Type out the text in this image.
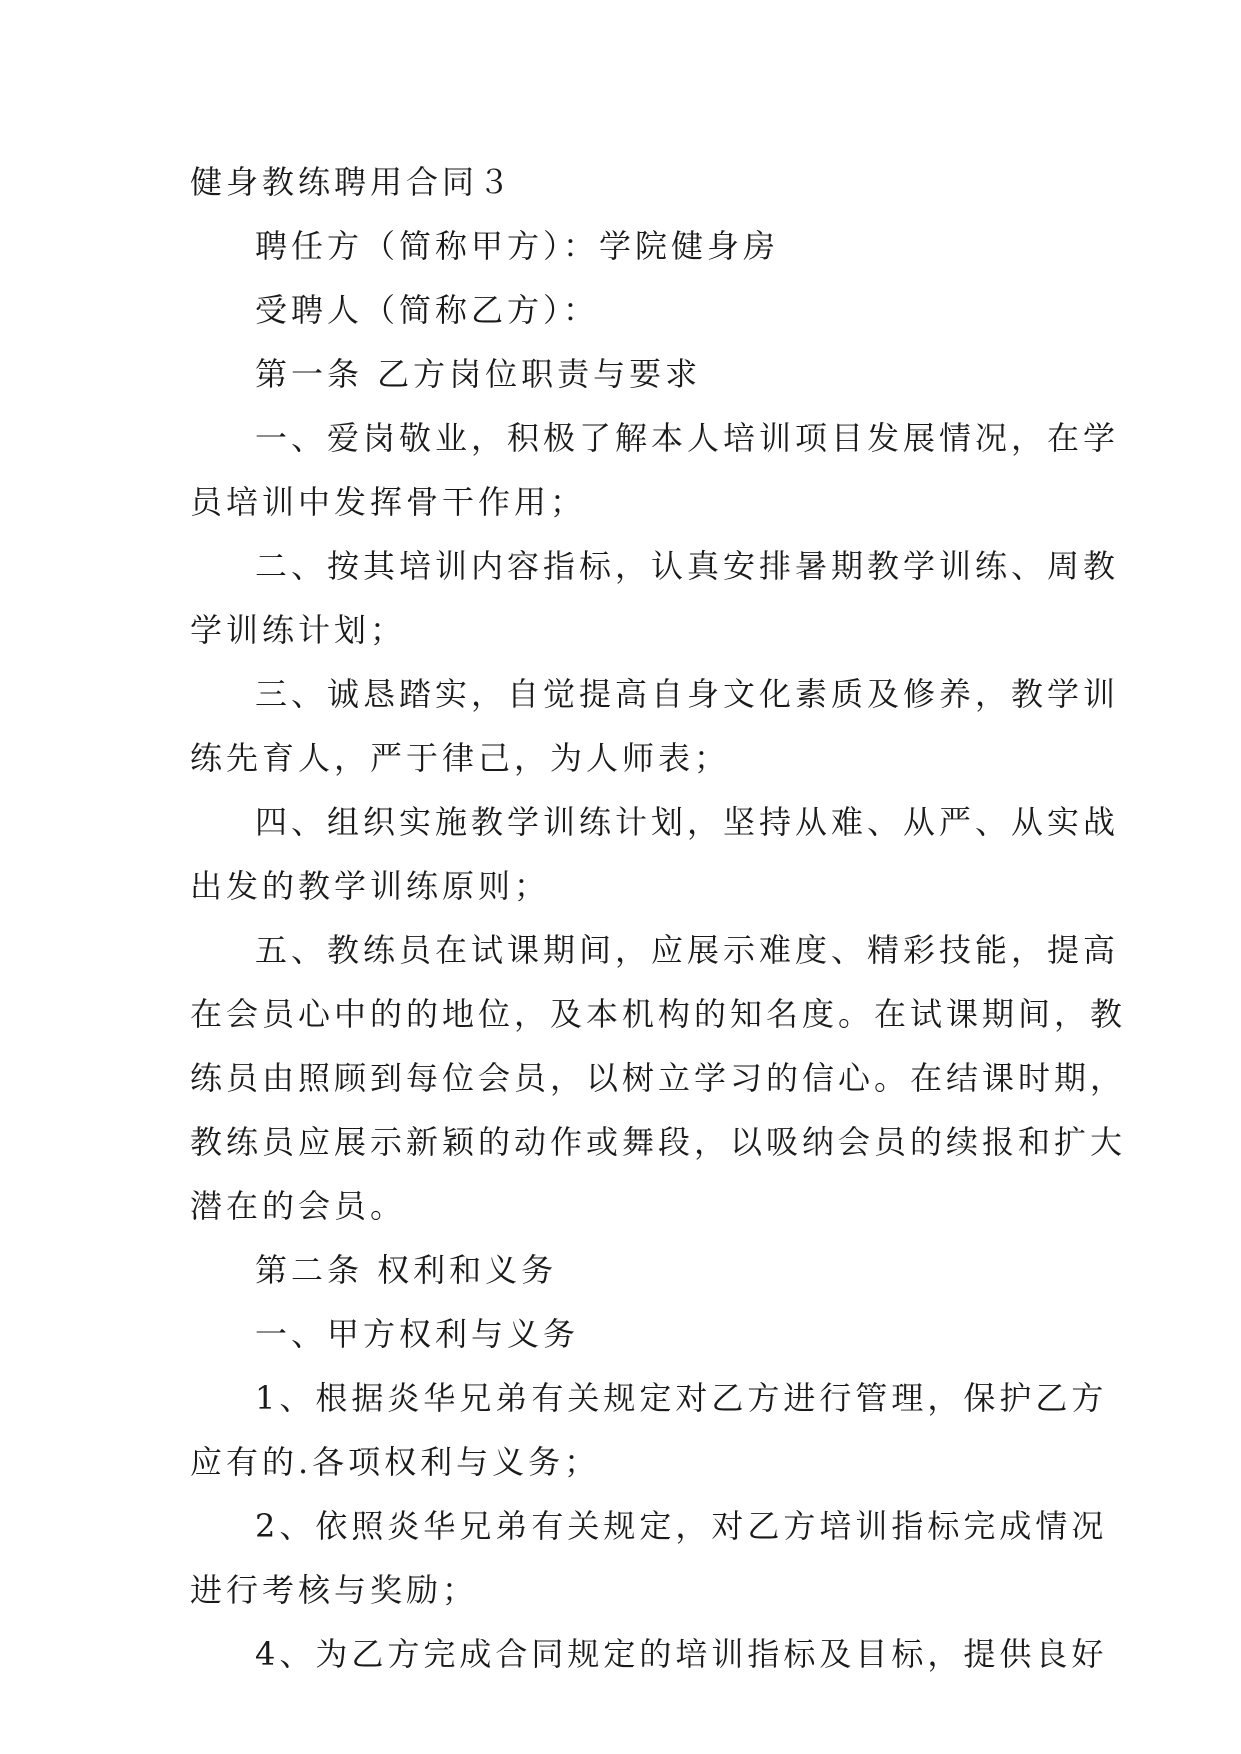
健身教练聘用合同３
聘任方（简称甲方）：学院健身房
受聘人（简称乙方）：
第一条 乙方岗位职责与要求
一、爱岗敬业，积极了解本人培训项目发展情况，在学
员培训中发挥骨干作用；
二、按其培训内容指标，认真安排暑期教学训练、周教
学训练计划；
三、诚恳踏实，自觉提高自身文化素质及修养，教学训
练先育人，严于律己，为人师表；
四、组织实施教学训练计划，坚持从难、从严、从实战
出发的教学训练原则；
五、教练员在试课期间，应展示难度、精彩技能，提高
在会员心中的的地位，及本机构的知名度。在试课期间，教
练员由照顾到每位会员，以树立学习的信心。在结课时期，
教练员应展示新颖的动作或舞段，以吸纳会员的续报和扩大
潜在的会员。
第二条 权利和义务
一、甲方权利与义务
1、根据炎华兄弟有关规定对乙方进行管理，保护乙方
应有的.各项权利与义务；
2、依照炎华兄弟有关规定，对乙方培训指标完成情况
进行考核与奖励；
4、为乙方完成合同规定的培训指标及目标，提供良好
